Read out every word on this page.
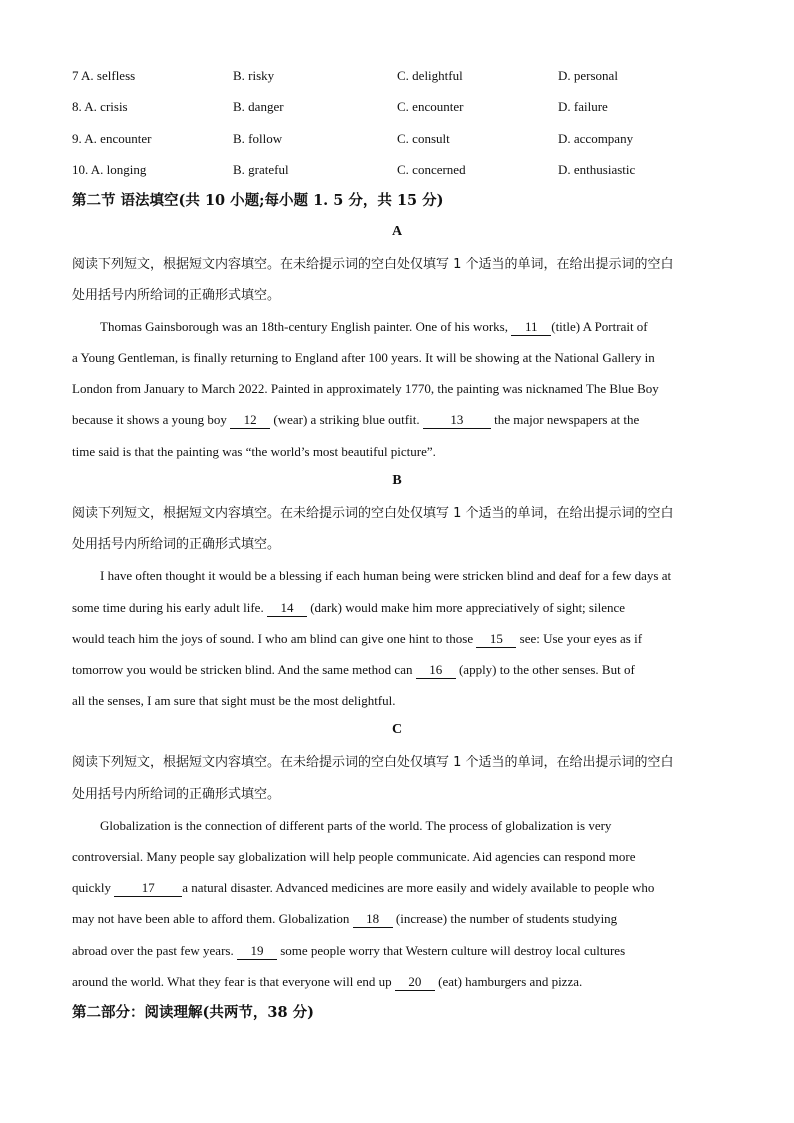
7 A. selfless	B. risky	C. delightful	D. personal
8. A. crisis	B. danger	C. encounter	D. failure
9. A. encounter	B. follow	C. consult	D. accompany
10. A. longing	B. grateful	C. concerned	D. enthusiastic
第二节 语法填空(共 10 小题;每小题 1. 5 分，共 15 分)
A
阅读下列短文，根据短文内容填空。在未给提示词的空白处仅填写 1 个适当的单词，在给出提示词的空白
处用括号内所给词的正确形式填空。
Thomas Gainsborough was an 18th-century English painter. One of his works, 11 (title) A Portrait of
a Young Gentleman, is finally returning to England after 100 years. It will be showing at the National Gallery in
London from January to March 2022. Painted in approximately 1770, the painting was nicknamed The Blue Boy
because it shows a young boy 12 (wear) a striking blue outfit. 13 the major newspapers at the
time said is that the painting was “the world’s most beautiful picture”.
B
阅读下列短文，根据短文内容填空。在未给提示词的空白处仅填写 1 个适当的单词，在给出提示词的空白
处用括号内所给词的正确形式填空。
I have often thought it would be a blessing if each human being were stricken blind and deaf for a few days at
some time during his early adult life. 14 (dark) would make him more appreciatively of sight; silence
would teach him the joys of sound. I who am blind can give one hint to those 15 see: Use your eyes as if
tomorrow you would be stricken blind. And the same method can 16 (apply) to the other senses. But of
all the senses, I am sure that sight must be the most delightful.
C
阅读下列短文，根据短文内容填空。在未给提示词的空白处仅填写 1 个适当的单词，在给出提示词的空白
处用括号内所给词的正确形式填空。
Globalization is the connection of different parts of the world. The process of globalization is very
controversial. Many people say globalization will help people communicate. Aid agencies can respond more
quickly 17 a natural disaster. Advanced medicines are more easily and widely available to people who
may not have been able to afford them. Globalization 18 (increase) the number of students studying
abroad over the past few years. 19 some people worry that Western culture will destroy local cultures
around the world. What they fear is that everyone will end up 20 (eat) hamburgers and pizza.
第二部分：阅读理解(共两节，38 分)
